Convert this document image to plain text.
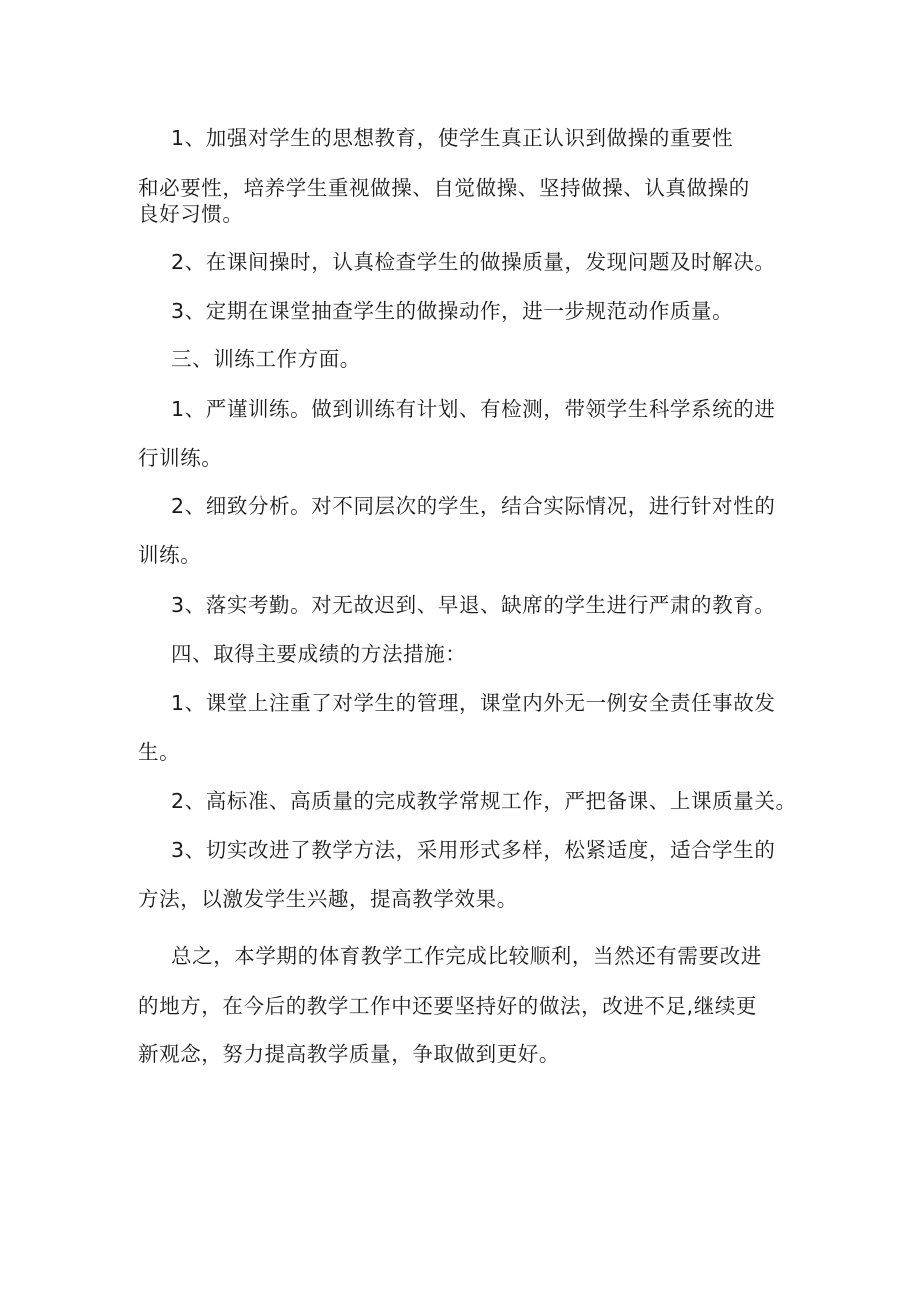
1、加强对学生的思想教育，使学生真正认识到做操的重要性
和必要性，培养学生重视做操、自觉做操、坚持做操、认真做操的
良好习惯。
2、在课间操时，认真检查学生的做操质量，发现问题及时解决。
3、定期在课堂抽查学生的做操动作，进一步规范动作质量。
三、训练工作方面。
1、严谨训练。做到训练有计划、有检测，带领学生科学系统的进
行训练。
2、细致分析。对不同层次的学生，结合实际情况，进行针对性的
训练。
3、落实考勤。对无故迟到、早退、缺席的学生进行严肃的教育。
四、取得主要成绩的方法措施：
1、课堂上注重了对学生的管理，课堂内外无一例安全责任事故发
生。
2、高标准、高质量的完成教学常规工作，严把备课、上课质量关。
3、切实改进了教学方法，采用形式多样，松紧适度，适合学生的
方法，以激发学生兴趣，提高教学效果。
总之，本学期的体育教学工作完成比较顺利，当然还有需要改进
的地方，在今后的教学工作中还要坚持好的做法，改进不足,继续更
新观念，努力提高教学质量，争取做到更好。
